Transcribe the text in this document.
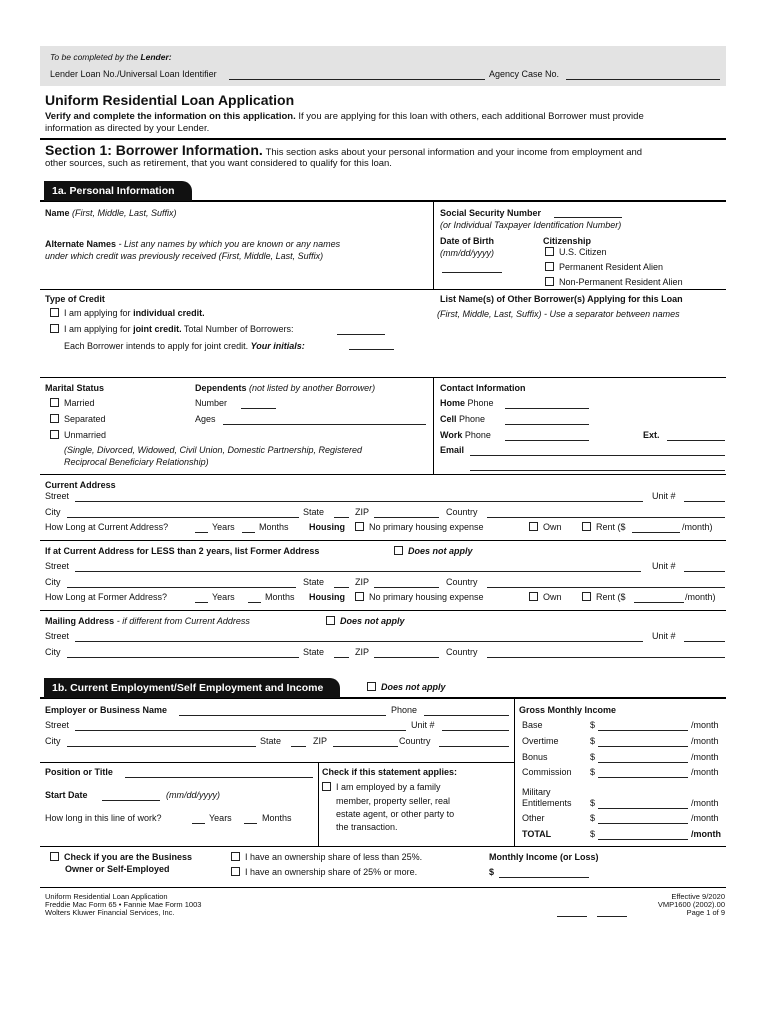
To be completed by the Lender:
Lender Loan No./Universal Loan Identifier	Agency Case No.
Uniform Residential Loan Application
Verify and complete the information on this application. If you are applying for this loan with others, each additional Borrower must provide
information as directed by your Lender.
Section 1: Borrower Information. This section asks about your personal information and your income from employment and
other sources, such as retirement, that you want considered to qualify for this loan.
1a. Personal Information
Name (First, Middle, Last, Suffix)
Alternate Names - List any names by which you are known or any names
under which credit was previously received (First, Middle, Last, Suffix)
Social Security Number
(or Individual Taxpayer Identification Number)
Date of Birth
(mm/dd/yyyy)
Citizenship
U.S. Citizen
Permanent Resident Alien
Non-Permanent Resident Alien
Type of Credit
I am applying for individual credit.
I am applying for joint credit. Total Number of Borrowers:
Each Borrower intends to apply for joint credit. Your initials:
List Name(s) of Other Borrower(s) Applying for this Loan
(First, Middle, Last, Suffix) - Use a separator between names
Marital Status
Married
Separated
Unmarried
(Single, Divorced, Widowed, Civil Union, Domestic Partnership, Registered
Reciprocal Beneficiary Relationship)
Dependents (not listed by another Borrower)
Number
Ages
Contact Information
Home Phone
Cell Phone
Work Phone	Ext.
Email
Current Address
Street	Unit #
City	State	ZIP	Country
How Long at Current Address?	Years	Months Housing	No primary housing expense	Own	Rent ($	/month)
If at Current Address for LESS than 2 years, list Former Address	Does not apply
Street	Unit #
City	State	ZIP	Country
How Long at Former Address?	Years	Months Housing	No primary housing expense	Own	Rent ($	/month)
Mailing Address - if different from Current Address	Does not apply
Street	Unit #
City	State	ZIP	Country
1b. Current Employment/Self Employment and Income	Does not apply
Employer or Business Name	Phone
Street	Unit #
City	State	ZIP	Country
Position or Title
Start Date	(mm/dd/yyyy)
How long in this line of work?	Years	Months
Check if this statement applies:
I am employed by a family
member, property seller, real
estate agent, or other party to
the transaction.
Gross Monthly Income
Base	$	/month
Overtime	$	/month
Bonus	$	/month
Commission $	/month
Military
Entitlements $	/month
Other	$	/month
TOTAL	$	/month
Check if you are the Business
Owner or Self-Employed
I have an ownership share of less than 25%.
I have an ownership share of 25% or more.
Monthly Income (or Loss)
$
Uniform Residential Loan Application
Freddie Mac Form 65 • Fannie Mae Form 1003
Wolters Kluwer Financial Services, Inc.
Effective 9/2020
VMP1600 (2002).00
Page 1 of 9
